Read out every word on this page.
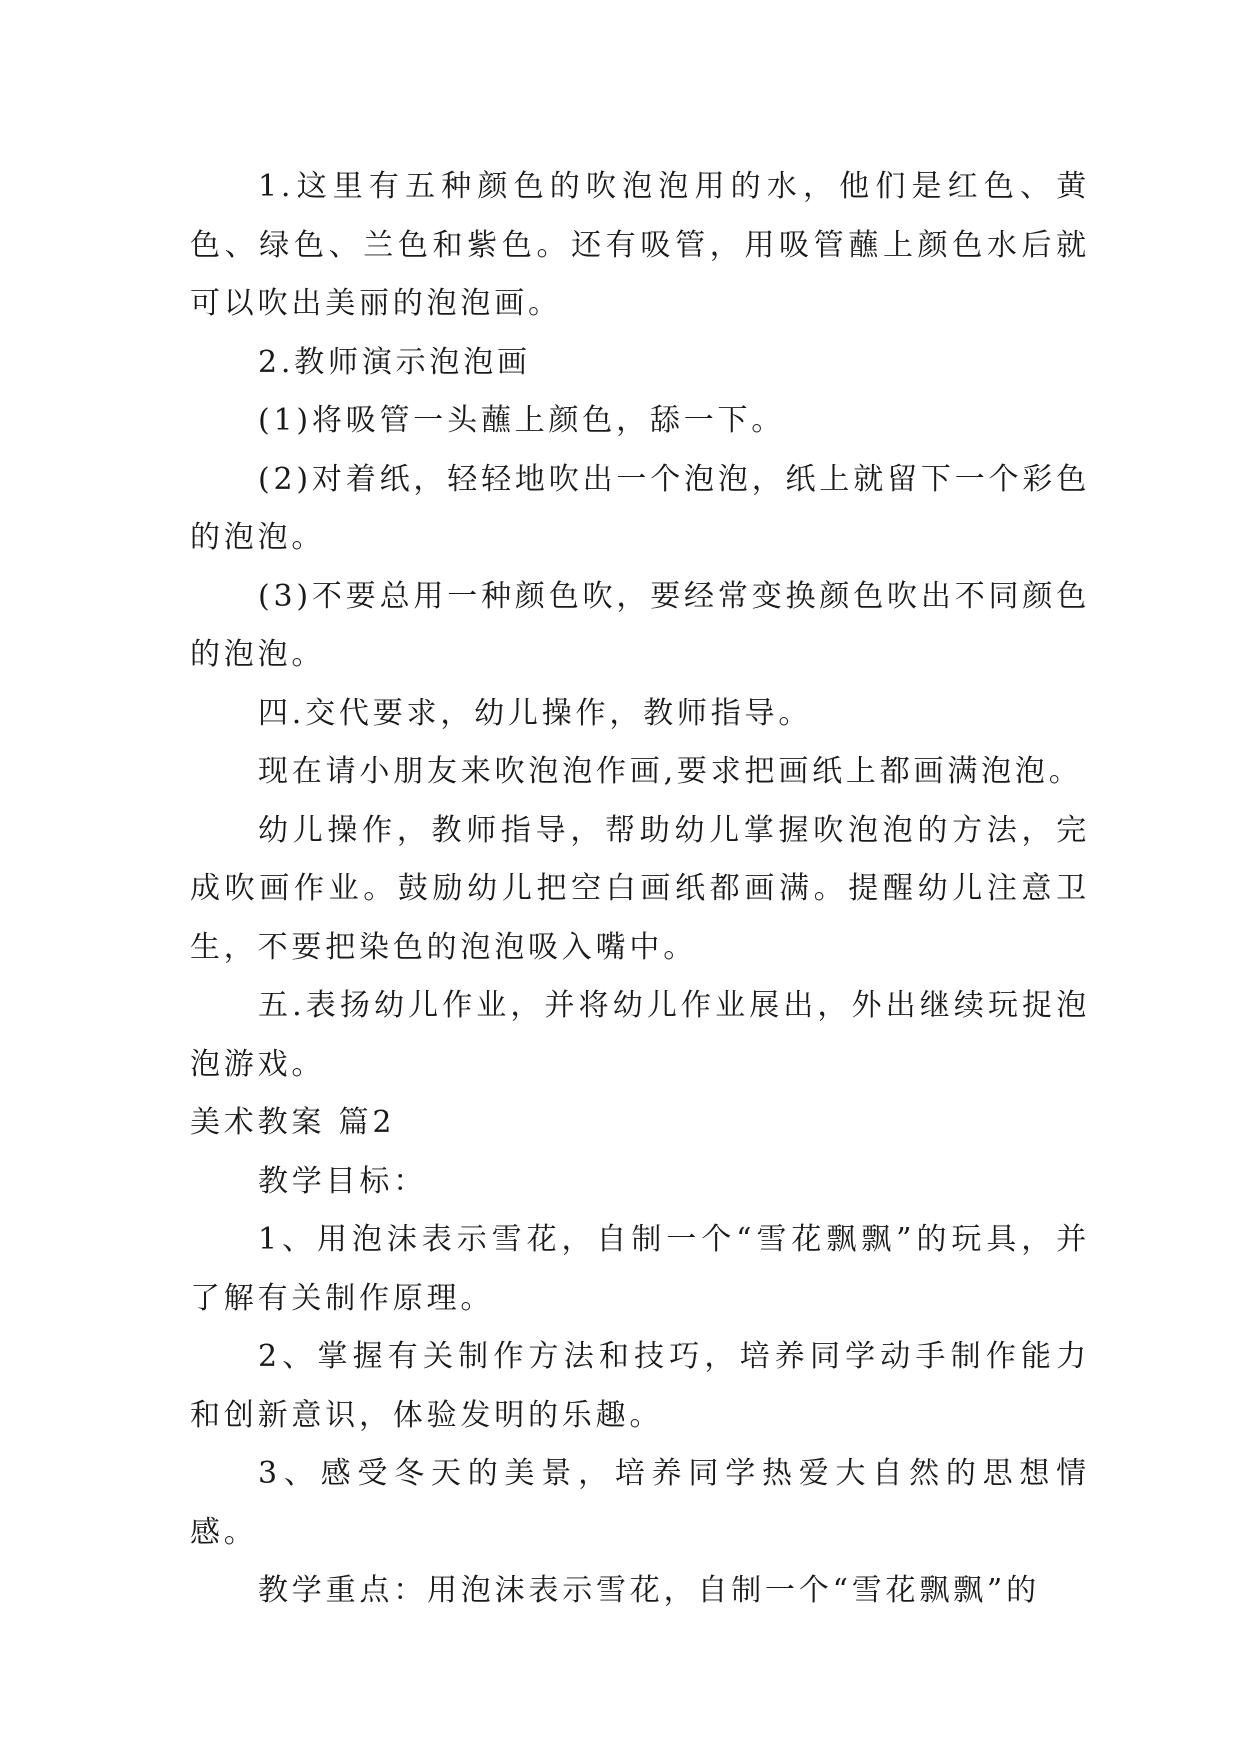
1.这里有五种颜色的吹泡泡用的水，他们是红色、黄色、绿色、兰色和紫色。还有吸管，用吸管蘸上颜色水后就可以吹出美丽的泡泡画。

2.教师演示泡泡画

(1)将吸管一头蘸上颜色，舔一下。

(2)对着纸，轻轻地吹出一个泡泡，纸上就留下一个彩色的泡泡。

(3)不要总用一种颜色吹，要经常变换颜色吹出不同颜色的泡泡。

四.交代要求，幼儿操作，教师指导。

现在请小朋友来吹泡泡作画,要求把画纸上都画满泡泡。

幼儿操作，教师指导，帮助幼儿掌握吹泡泡的方法，完成吹画作业。鼓励幼儿把空白画纸都画满。提醒幼儿注意卫生，不要把染色的泡泡吸入嘴中。

五.表扬幼儿作业，并将幼儿作业展出，外出继续玩捉泡泡游戏。

美术教案 篇2

教学目标：

1、用泡沫表示雪花，自制一个“雪花飘飘”的玩具，并了解有关制作原理。

2、掌握有关制作方法和技巧，培养同学动手制作能力和创新意识，体验发明的乐趣。

3、感受冬天的美景，培养同学热爱大自然的思想情感。

教学重点：用泡沫表示雪花，自制一个“雪花飘飘”的
